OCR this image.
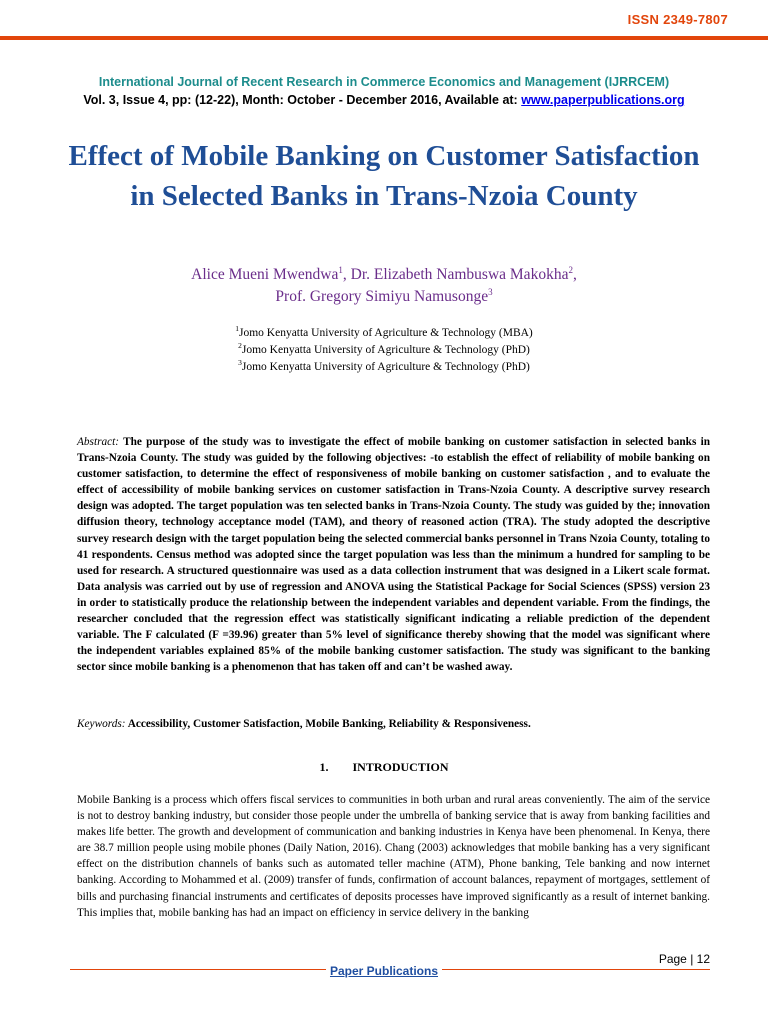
ISSN 2349-7807
International Journal of Recent Research in Commerce Economics and Management (IJRRCEM)
Vol. 3, Issue 4, pp: (12-22), Month: October - December 2016, Available at: www.paperpublications.org
Effect of Mobile Banking on Customer Satisfaction in Selected Banks in Trans-Nzoia County
Alice Mueni Mwendwa$^1$, Dr. Elizabeth Nambuswa Makokha$^2$,
Prof. Gregory Simiyu Namusonge$^3$
$^1$Jomo Kenyatta University of Agriculture & Technology (MBA)
$^2$Jomo Kenyatta University of Agriculture & Technology (PhD)
$^3$Jomo Kenyatta University of Agriculture & Technology (PhD)

Abstract: The purpose of the study was to investigate the effect of mobile banking on customer satisfaction in selected banks in Trans-Nzoia County. The study was guided by the following objectives: -to establish the effect of reliability of mobile banking on customer satisfaction, to determine the effect of responsiveness of mobile banking on customer satisfaction , and to evaluate the effect of accessibility of mobile banking services on customer satisfaction in Trans-Nzoia County. A descriptive survey research design was adopted. The target population was ten selected banks in Trans-Nzoia County. The study was guided by the; innovation diffusion theory, technology acceptance model (TAM), and theory of reasoned action (TRA). The study adopted the descriptive survey research design with the target population being the selected commercial banks personnel in Trans Nzoia County, totaling to 41 respondents. Census method was adopted since the target population was less than the minimum a hundred for sampling to be used for research. A structured questionnaire was used as a data collection instrument that was designed in a Likert scale format. Data analysis was carried out by use of regression and ANOVA using the Statistical Package for Social Sciences (SPSS) version 23 in order to statistically produce the relationship between the independent variables and dependent variable. From the findings, the researcher concluded that the regression effect was statistically significant indicating a reliable prediction of the dependent variable. The F calculated (F =39.96) greater than 5% level of significance thereby showing that the model was significant where the independent variables explained 85% of the mobile banking customer satisfaction. The study was significant to the banking sector since mobile banking is a phenomenon that has taken off and can’t be washed away.

Keywords: Accessibility, Customer Satisfaction, Mobile Banking, Reliability & Responsiveness.

1. INTRODUCTION

Mobile Banking is a process which offers fiscal services to communities in both urban and rural areas conveniently. The aim of the service is not to destroy banking industry, but consider those people under the umbrella of banking service that is away from banking facilities and makes life better. The growth and development of communication and banking industries in Kenya have been phenomenal. In Kenya, there are 38.7 million people using mobile phones (Daily Nation, 2016). Chang (2003) acknowledges that mobile banking has a very significant effect on the distribution channels of banks such as automated teller machine (ATM), Phone banking, Tele banking and now internet banking. According to Mohammed et al. (2009) transfer of funds, confirmation of account balances, repayment of mortgages, settlement of bills and purchasing financial instruments and certificates of deposits processes have improved significantly as a result of internet banking. This implies that, mobile banking has had an impact on efficiency in service delivery in the banking

Page | 12
Paper Publications
